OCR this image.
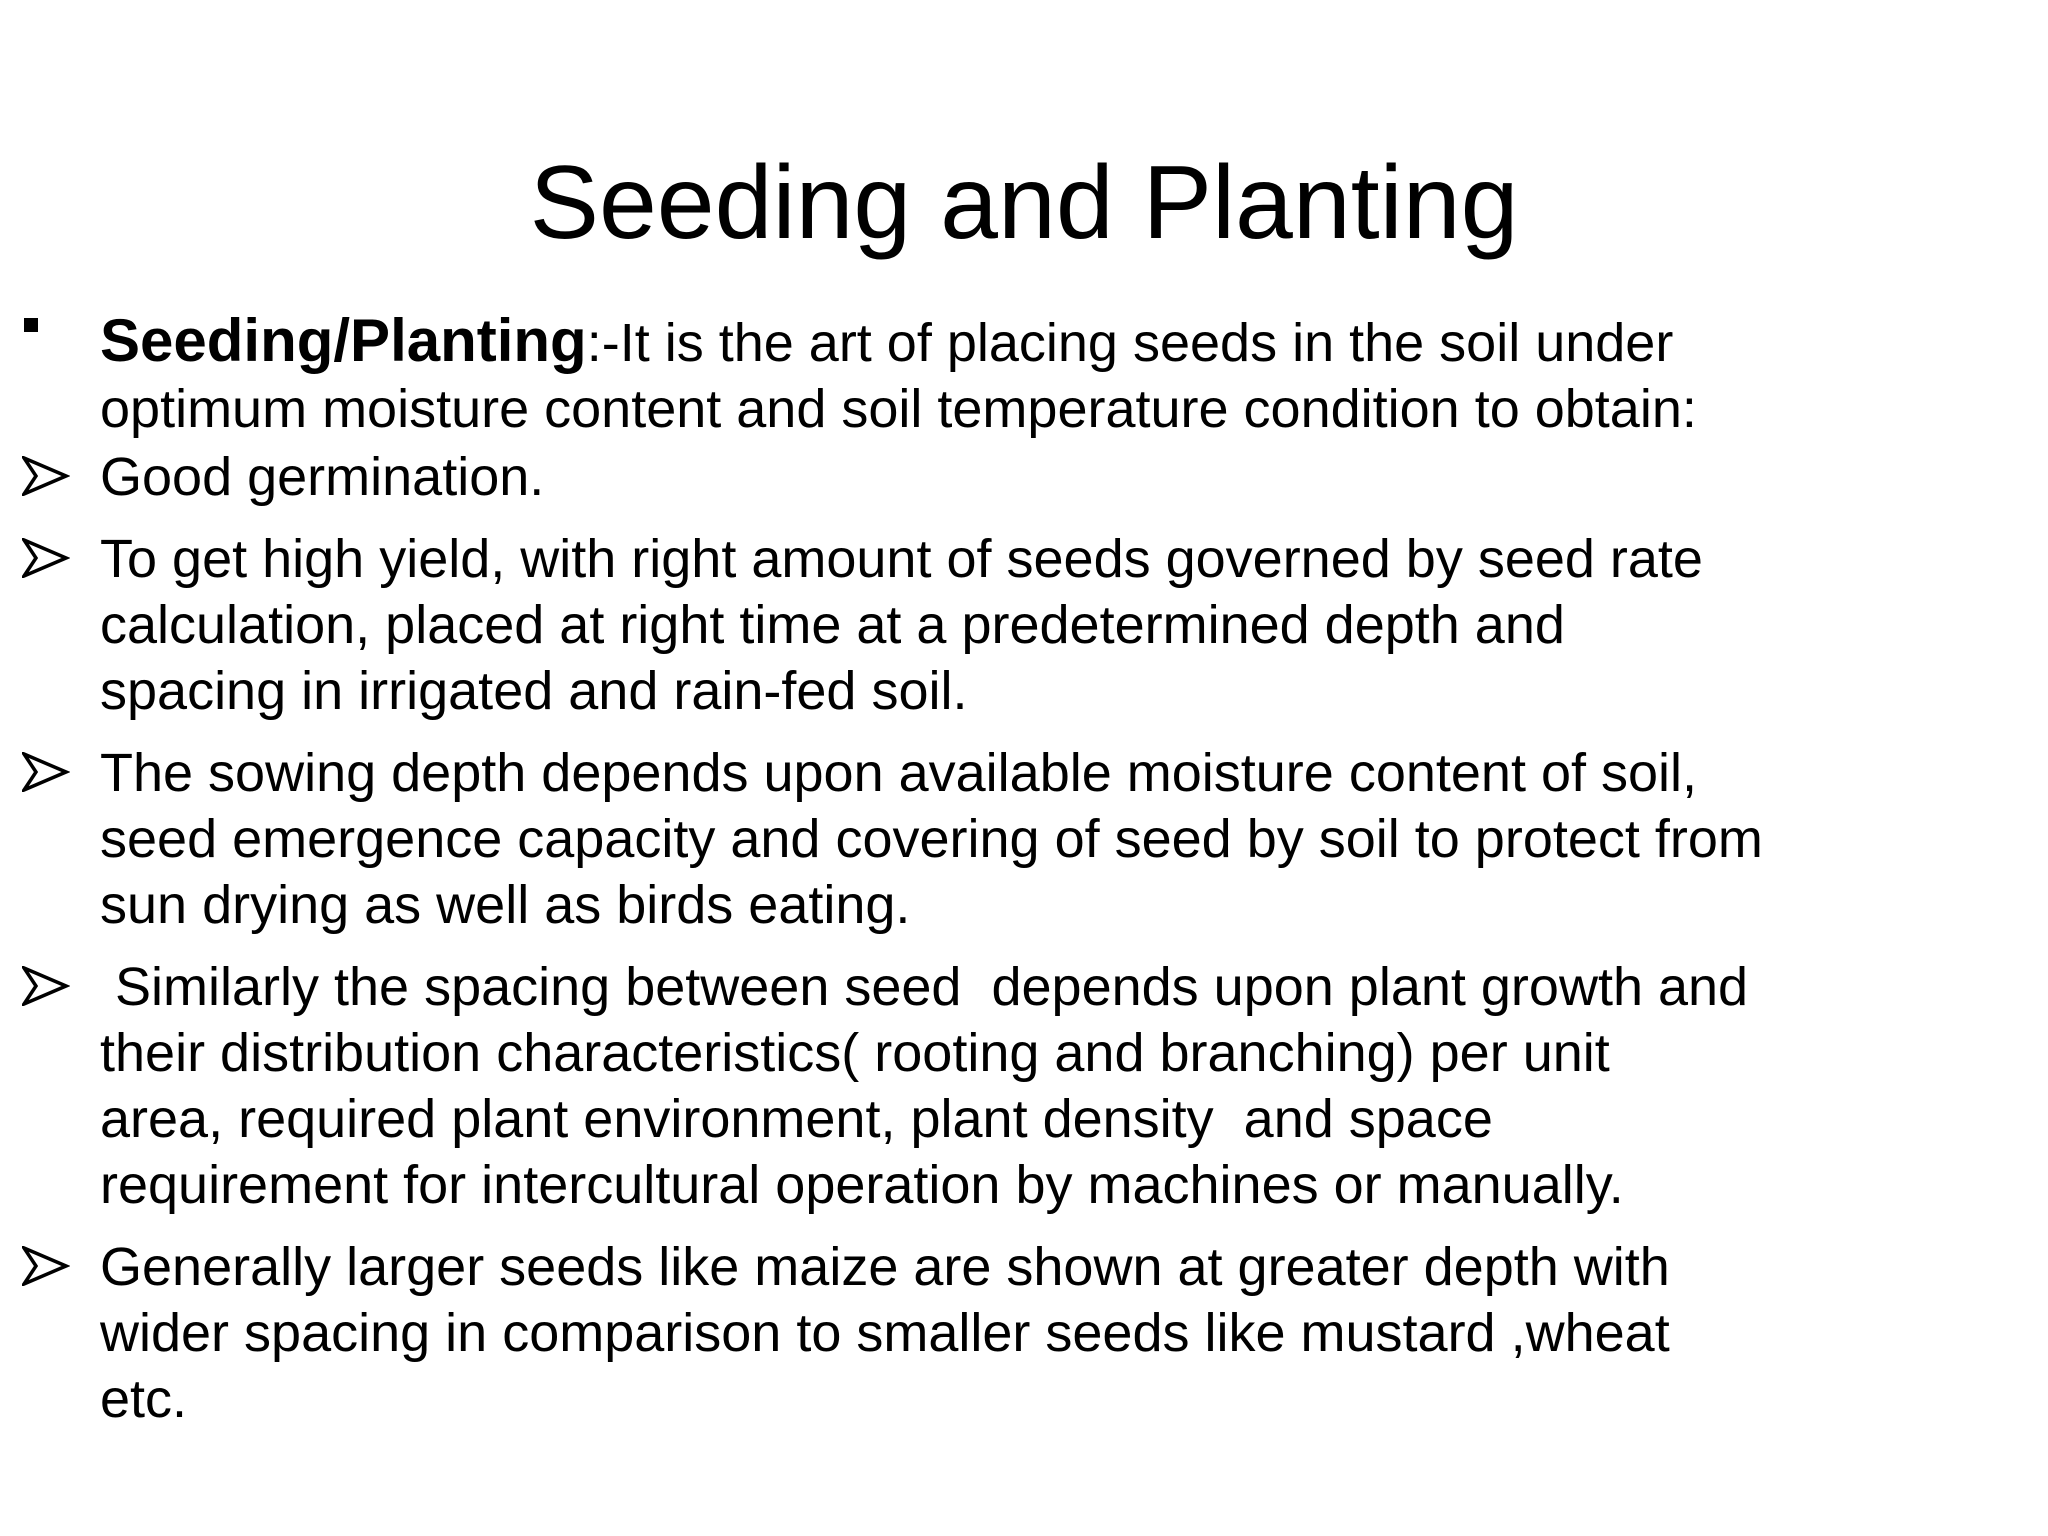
Seeding and Planting
Seeding/Planting:-It is the art of placing seeds in the soil under
optimum moisture content and soil temperature condition to obtain:
Good germination.
To get high yield, with right amount of seeds governed by seed rate
calculation, placed at right time at a predetermined depth and
spacing in irrigated and rain-fed soil.
The sowing depth depends upon available moisture content of soil,
seed emergence capacity and covering of seed by soil to protect from
sun drying as well as birds eating.
Similarly the spacing between seed  depends upon plant growth and
their distribution characteristics( rooting and branching) per unit
area, required plant environment, plant density  and space
requirement for intercultural operation by machines or manually.
Generally larger seeds like maize are shown at greater depth with
wider spacing in comparison to smaller seeds like mustard ,wheat
etc.
